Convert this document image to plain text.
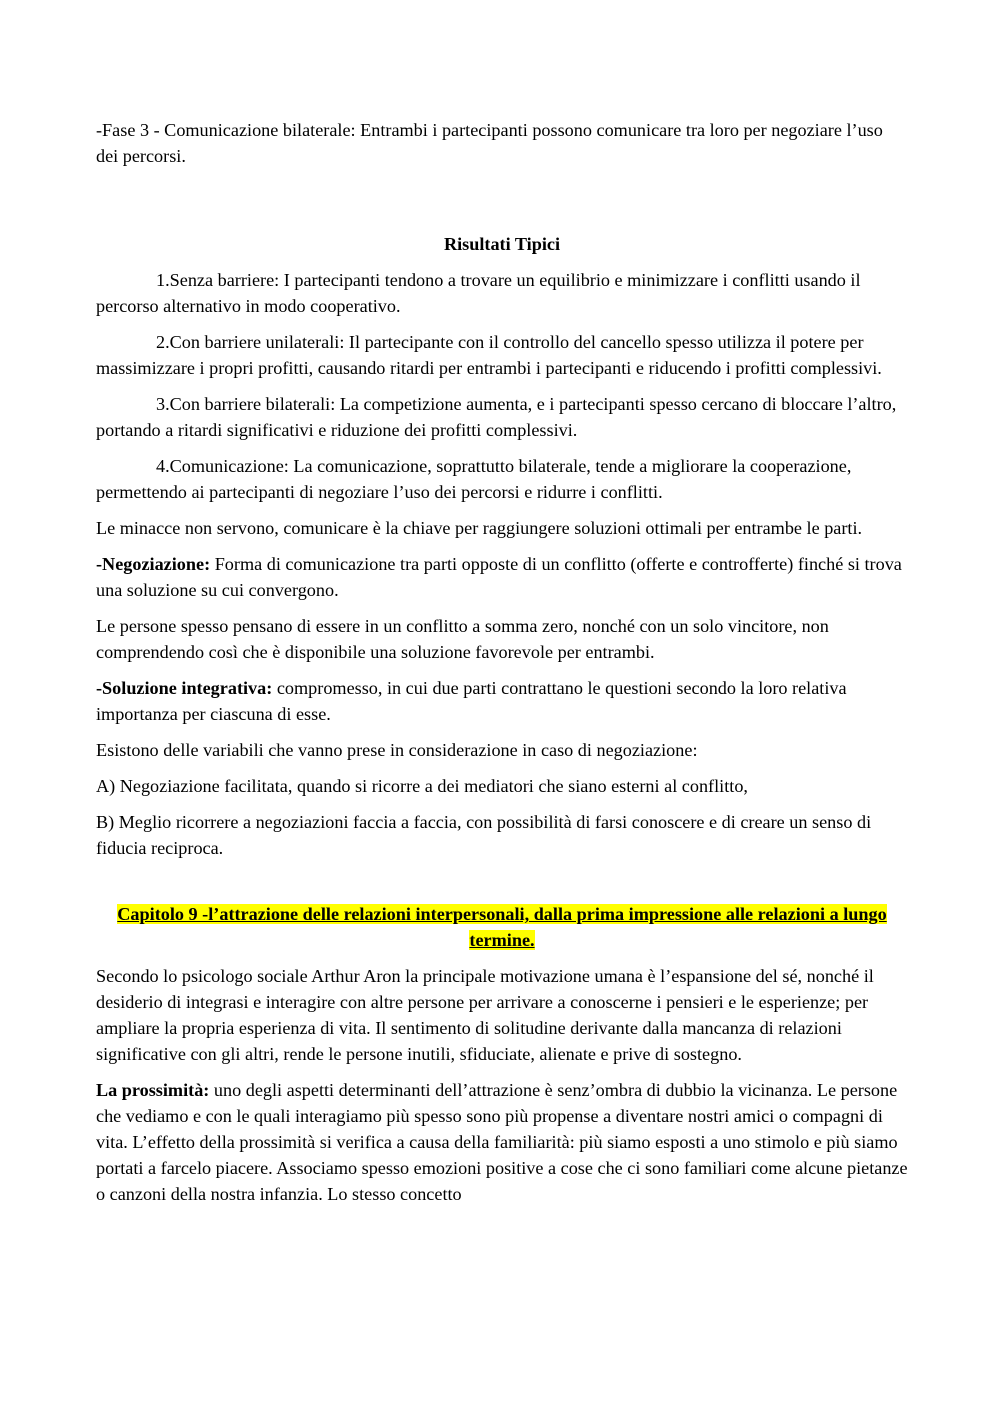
-Fase 3 - Comunicazione bilaterale: Entrambi i partecipanti possono comunicare tra loro per negoziare l’uso dei percorsi.

Risultati Tipici

1.Senza barriere: I partecipanti tendono a trovare un equilibrio e minimizzare i conflitti usando il percorso alternativo in modo cooperativo.

2.Con barriere unilaterali: Il partecipante con il controllo del cancello spesso utilizza il potere per massimizzare i propri profitti, causando ritardi per entrambi i partecipanti e riducendo i profitti complessivi.

3.Con barriere bilaterali: La competizione aumenta, e i partecipanti spesso cercano di bloccare l’altro, portando a ritardi significativi e riduzione dei profitti complessivi.

4.Comunicazione: La comunicazione, soprattutto bilaterale, tende a migliorare la cooperazione, permettendo ai partecipanti di negoziare l’uso dei percorsi e ridurre i conflitti.

Le minacce non servono, comunicare è la chiave per raggiungere soluzioni ottimali per entrambe le parti.

-Negoziazione: Forma di comunicazione tra parti opposte di un conflitto (offerte e controfferte) finché si trova una soluzione su cui convergono.

Le persone spesso pensano di essere in un conflitto a somma zero, nonché con un solo vincitore, non comprendendo così che è disponibile una soluzione favorevole per entrambi.

-Soluzione integrativa: compromesso, in cui due parti contrattano le questioni secondo la loro relativa importanza per ciascuna di esse.

Esistono delle variabili che vanno prese in considerazione in caso di negoziazione:

A) Negoziazione facilitata, quando si ricorre a dei mediatori che siano esterni al conflitto,

B) Meglio ricorrere a negoziazioni faccia a faccia, con possibilità di farsi conoscere e di creare un senso di fiducia reciproca.

Capitolo 9 -l’attrazione delle relazioni interpersonali, dalla prima impressione alle relazioni a lungo termine.

Secondo lo psicologo sociale Arthur Aron la principale motivazione umana è l’espansione del sé, nonché il desiderio di integrasi e interagire con altre persone per arrivare a conoscerne i pensieri e le esperienze; per ampliare la propria esperienza di vita. Il sentimento di solitudine derivante dalla mancanza di relazioni significative con gli altri, rende le persone inutili, sfiduciate, alienate e prive di sostegno.

La prossimità: uno degli aspetti determinanti dell’attrazione è senz’ombra di dubbio la vicinanza. Le persone che vediamo e con le quali interagiamo più spesso sono più propense a diventare nostri amici o compagni di vita. L’effetto della prossimità si verifica a causa della familiarità: più siamo esposti a uno stimolo e più siamo portati a farcelo piacere. Associamo spesso emozioni positive a cose che ci sono familiari come alcune pietanze o canzoni della nostra infanzia. Lo stesso concetto
